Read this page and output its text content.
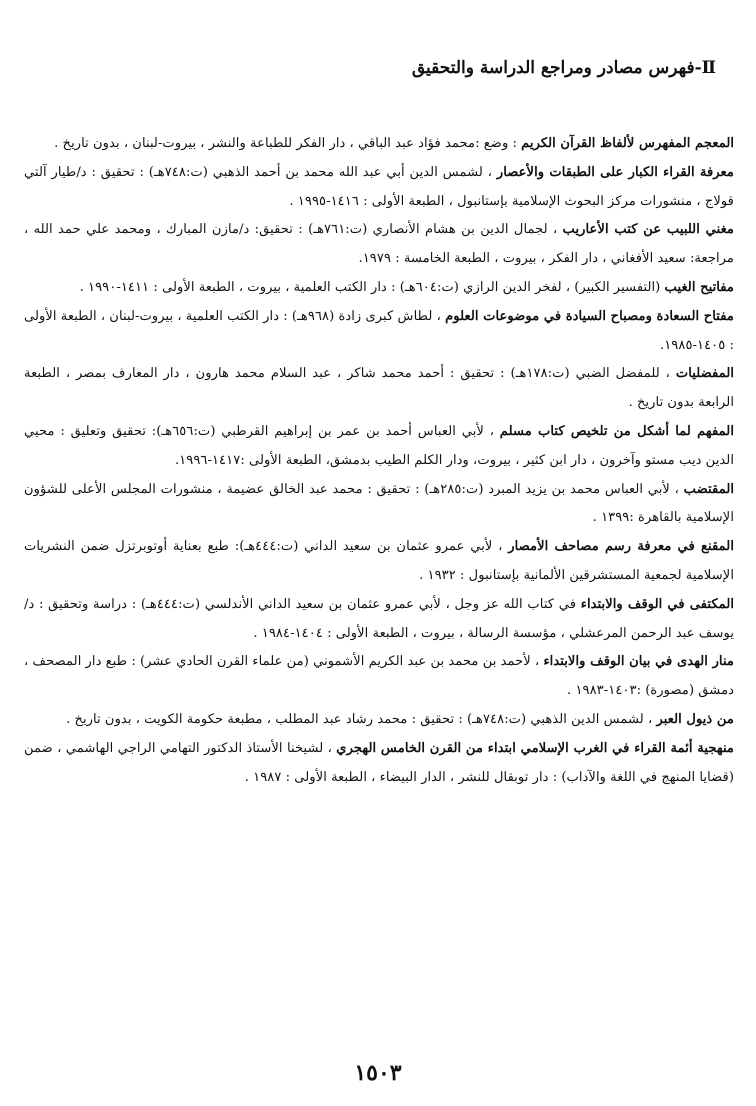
Ⅱ-فهرس مصادر ومراجع الدراسة والتحقيق

المعجم المفهرس لألفاظ القرآن الكريم : وضع :محمد فؤاد عبد الباقي ، دار الفكر للطباعة والنشر ، بيروت-لبنان ، بدون تاريخ .

معرفة القراء الكبار على الطبقات والأعصار ، لشمس الدين أبي عبد الله محمد بن أحمد الذهبي (ت:٧٤٨هـ) : تحقيق : د/طيار آلتي قولاج ، منشورات مركز البحوث الإسلامية بإستانبول ، الطبعة الأولى : ١٤١٦-١٩٩٥ .

مغني اللبيب عن كتب الأعاريب ، لجمال الدين بن هشام الأنصاري (ت:٧٦١هـ) : تحقيق: د/مازن المبارك ، ومحمد علي حمد الله ، مراجعة: سعيد الأفغاني ، دار الفكر ، بيروت ، الطبعة الخامسة : ١٩٧٩.

مفاتيح الغيب (التفسير الكبير) ، لفخر الدين الرازي (ت:٦٠٤هـ) : دار الكتب العلمية ، بيروت ، الطبعة الأولى : ١٤١١-١٩٩٠ .

مفتاح السعادة ومصباح السيادة في موضوعات العلوم ، لطاش كبرى زادة (٩٦٨هـ) : دار الكتب العلمية ، بيروت-لبنان ، الطبعة الأولى : ١٤٠٥-١٩٨٥.

المفضليات ، للمفضل الضبي (ت:١٧٨هـ) : تحقيق : أحمد محمد شاكر ، عبد السلام محمد هارون ، دار المعارف بمصر ، الطبعة الرابعة بدون تاريخ .

المفهم لما أشكل من تلخيص كتاب مسلم ، لأبي العباس أحمد بن عمر بن إبراهيم القرطبي (ت:٦٥٦هـ): تحقيق وتعليق : محيي الدين ديب مستو وآخرون ، دار ابن كثير ، بيروت، ودار الكلم الطيب بدمشق، الطبعة الأولى :١٤١٧-١٩٩٦.

المقتضب ، لأبي العباس محمد بن يزيد المبرد (ت:٢٨٥هـ) : تحقيق : محمد عبد الخالق عضيمة ، منشورات المجلس الأعلى للشؤون الإسلامية بالقاهرة :١٣٩٩ .

المقنع في معرفة رسم مصاحف الأمصار ، لأبي عمرو عثمان بن سعيد الداني (ت:٤٤٤هـ): طبع بعناية أوتوبرتزل ضمن النشريات الإسلامية لجمعية المستشرقين الألمانية بإستانبول : ١٩٣٢ .

المكتفى في الوقف والابتداء في كتاب الله عز وجل ، لأبي عمرو عثمان بن سعيد الداني الأندلسي (ت:٤٤٤هـ) : دراسة وتحقيق : د/يوسف عبد الرحمن المرعشلي ، مؤسسة الرسالة ، بيروت ، الطبعة الأولى : ١٤٠٤-١٩٨٤ .

منار الهدى في بيان الوقف والابتداء ، لأحمد بن محمد بن عبد الكريم الأشموني (من علماء القرن الحادي عشر) : طبع دار المصحف ، دمشق (مصورة) :١٤٠٣-١٩٨٣ .

من ذيول العبر ، لشمس الدين الذهبي (ت:٧٤٨هـ) : تحقيق : محمد رشاد عبد المطلب ، مطبعة حكومة الكويت ، بدون تاريخ .

منهجية أئمة القراء في الغرب الإسلامي ابتداء من القرن الخامس الهجري ، لشيخنا الأستاذ الدكتور التهامي الراجي الهاشمي ، ضمن (قضايا المنهج في اللغة والآداب) : دار توبقال للنشر ، الدار البيضاء ، الطبعة الأولى : ١٩٨٧ .

١٥٠٣
